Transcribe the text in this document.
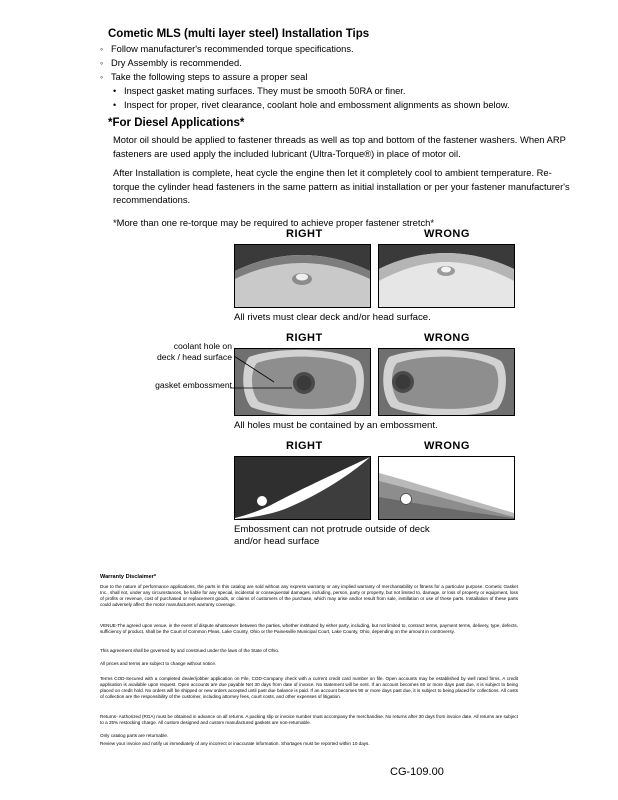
Cometic MLS (multi layer steel) Installation Tips

◦ Follow manufacturer's recommended torque specifications.

◦ Dry Assembly is recommended.

◦ Take the following steps to assure a proper seal

• Inspect gasket mating surfaces. They must be smooth 50RA or finer.

• Inspect for proper, rivet clearance, coolant hole and embossment alignments as shown below.

*For Diesel Applications*
Motor oil should be applied to fastener threads as well as top and bottom of the fastener washers. When ARP fasteners are used apply the included lubricant (Ultra-Torque®) in place of motor oil.
After Installation is complete, heat cycle the engine then let it completely cool to ambient temperature. Re-torque the cylinder head fasteners in the same pattern as initial installation or per your fastener manufacturer's recommendations.
*More than one re-torque may be required to achieve proper fastener stretch*
RIGHT	WRONG
All rivets must clear deck and/or head surface.
RIGHT	WRONG
coolant hole on
deck / head surface
gasket embossment
All holes must be contained by an embossment.
RIGHT	WRONG
Embossment can not protrude outside of deck
and/or head surface
Warranty Disclaimer*
Due to the nature of performance applications, the parts in this catalog are sold without any express warranty or any implied warranty of merchantability or fitness for a particular purpose. Cometic Gasket Inc., shall not, under any circumstances, be liable for any special, incidental or consequential damages, including, person, party or property, but not limited to, damage, or loss of property or equipment, loss of profits or revenue, cost of purchased or replacement goods, or claims of customers of the purchase, which may arise and/or result from sale, instillation or use of these parts. Installation of these parts could adversely affect the motor manufacturers warranty coverage.
VENUE-The agreed upon venue, in the event of dispute whatsoever between the parties, whether instituted by either party, including, but not limited to, contract terms, payment terms, delivery, type, defects, sufficiency of product, shall be the Court of Common Pleas, Lake County, Ohio or the Painesville Municipal Court, Lake County, Ohio, depending on the amount in controversy.
This agreement shall be governed by and construed under the laws of the State of Ohio.
All prices and terms are subject to change without notice.
Terms COD-Secured with a completed dealer/jobber application on File, COD-Company check with a current credit card number on file. Open accounts may be established by well rated firms. A credit application is available upon request. Open accounts are due payable Net 30 days from date of invoice. No statement will be sent. If an account becomes 60 or more days past due, it is subject to being placed on credit hold. No orders will be shipped or new orders accepted until past due balance is paid. If an account becomes 90 or more days past due, it is subject to being placed for collections. All costs of collection are the responsibility of the customer, including attorney fees, court costs, and other expenses of litigation.
Returns- Authorized (RGA) must be obtained in advance on all returns. A packing slip or invoice number must accompany the merchandise. No returns after 30 days from invoice date. All returns are subject to a 25% restocking charge. All custom designed and custom manufactured gaskets are non-returnable.
Only catalog parts are returnable.
Review your invoice and notify us immediately of any incorrect or inaccurate information. Shortages must be reported within 10 days.
CG-109.00
